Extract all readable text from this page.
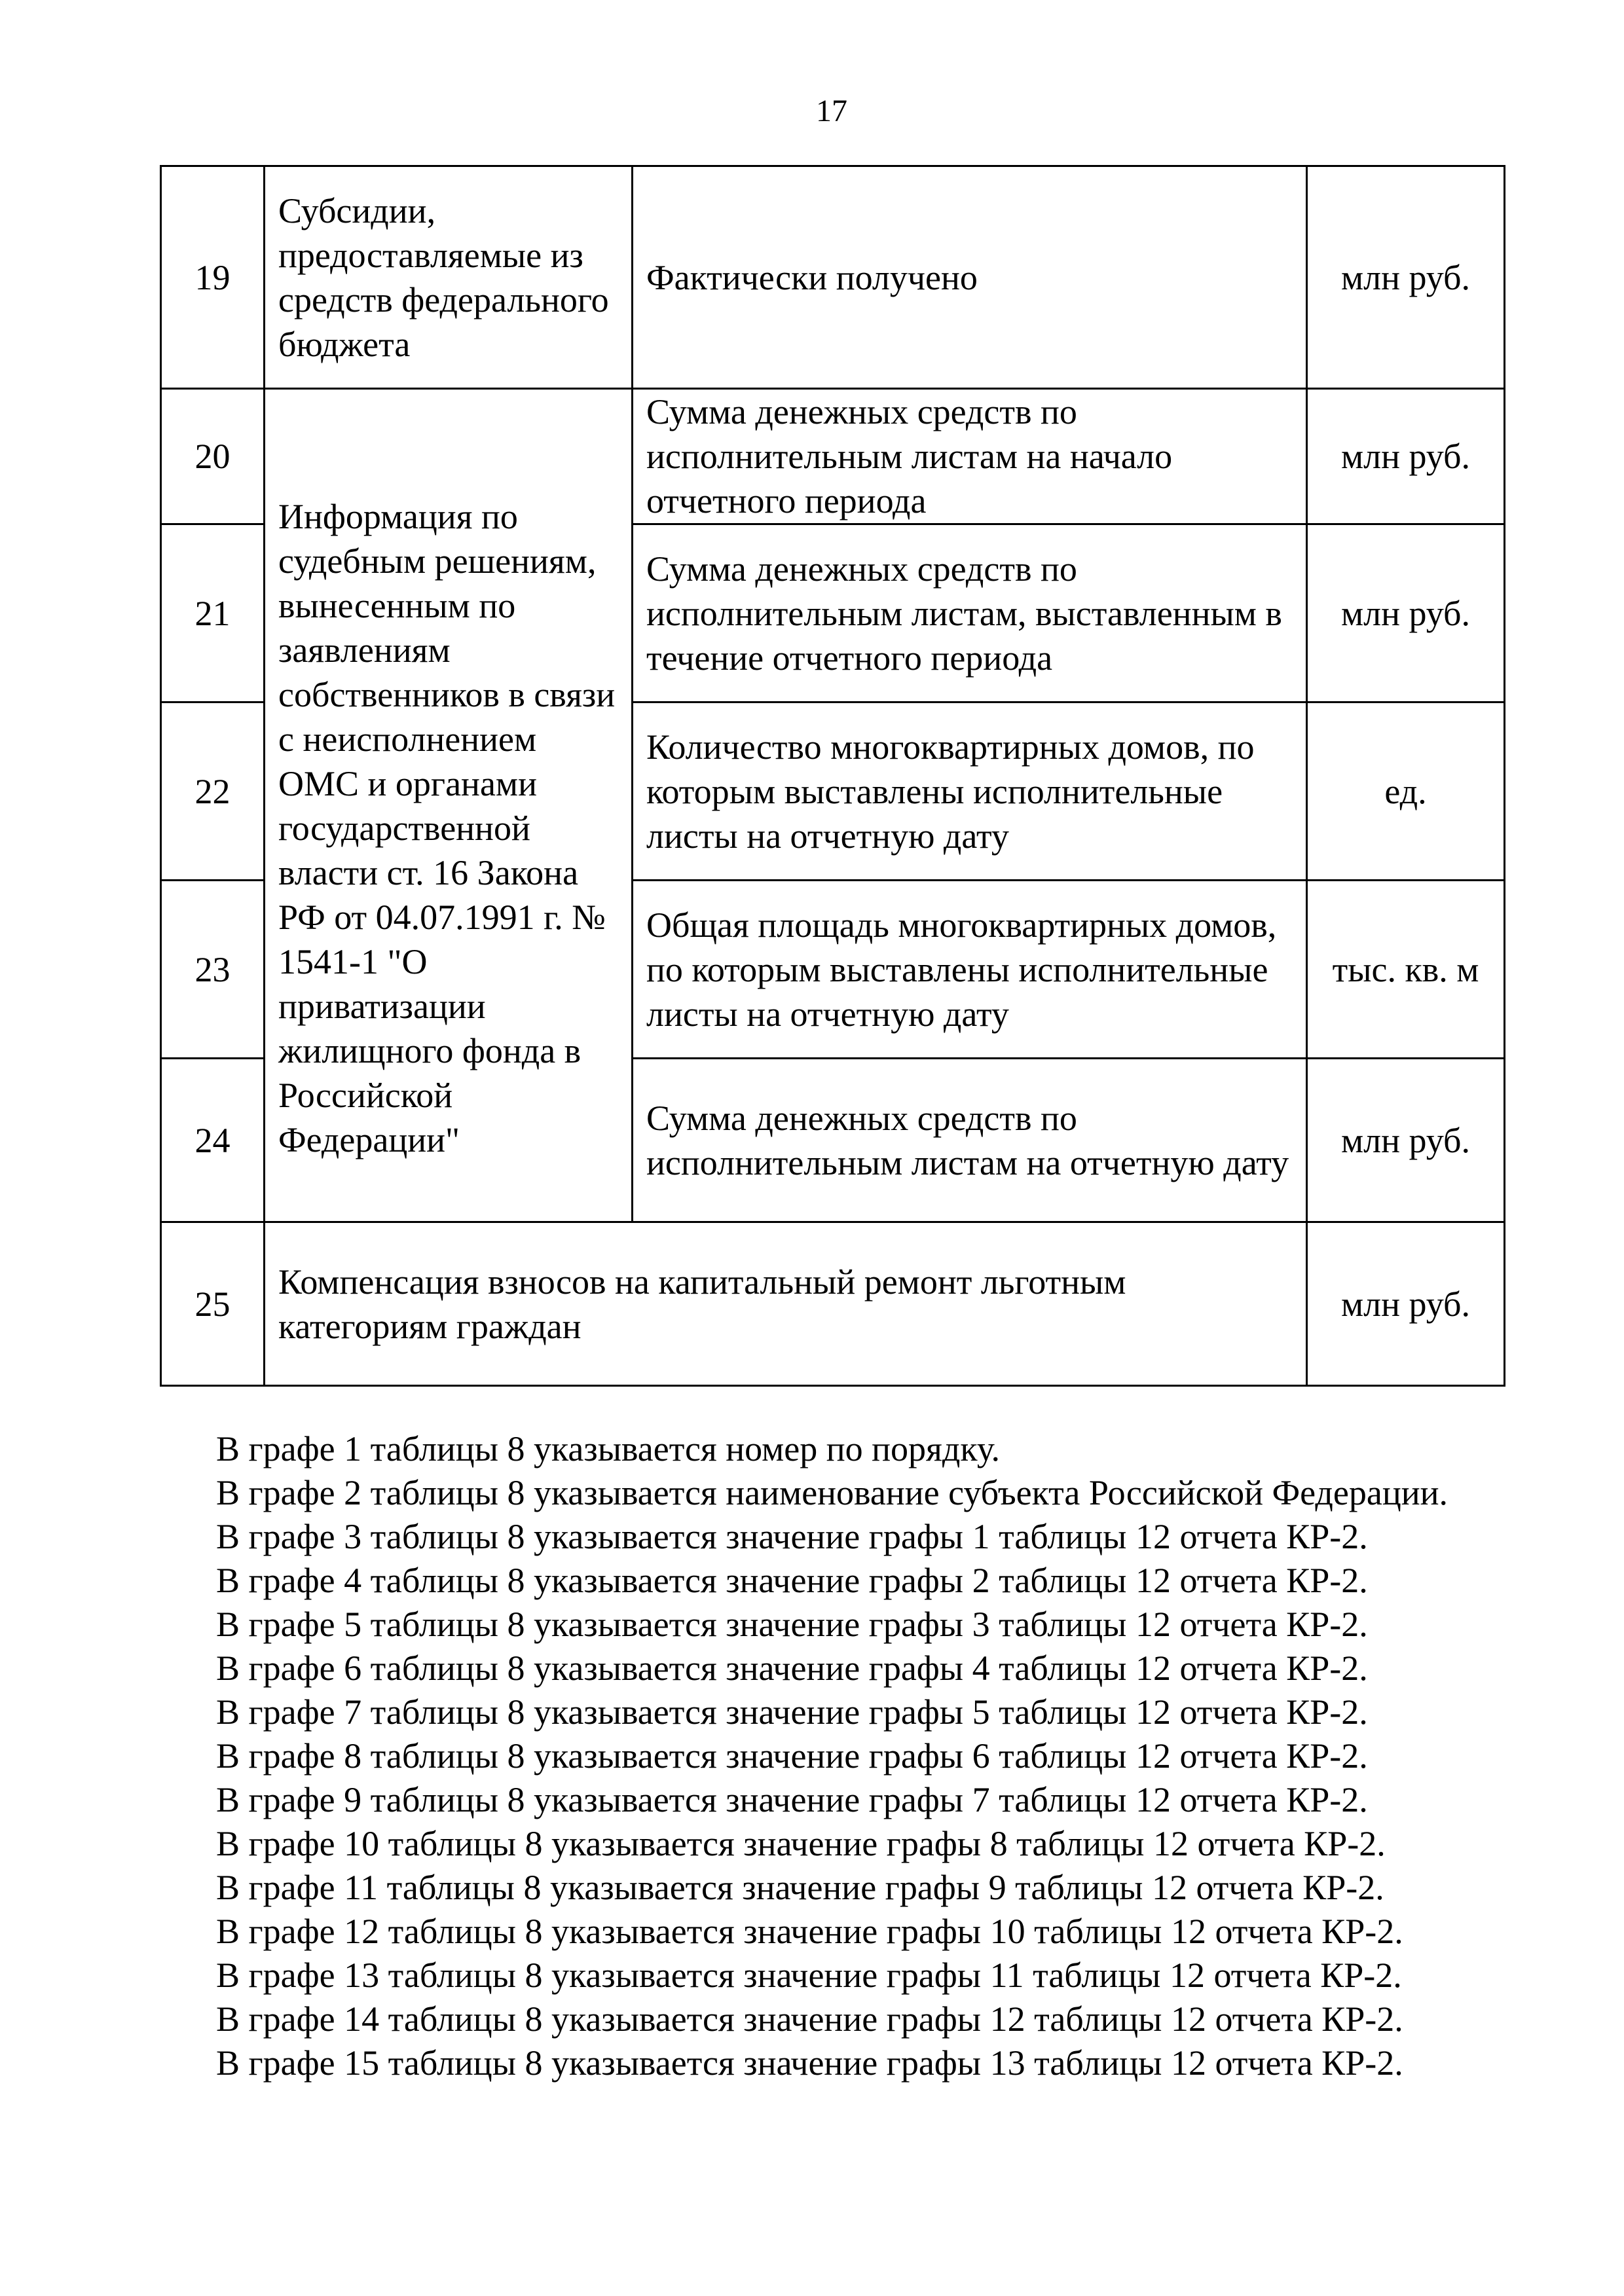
17
19	Субсидии, предоставляемые из средств федерального бюджета	Фактически получено	млн руб.
20	Информация по судебным решениям, вынесенным по заявлениям собственников в связи с неисполнением ОМС и органами государственной власти ст. 16 Закона РФ от 04.07.1991 г. № 1541-1 "О приватизации жилищного фонда в Российской Федерации"	Сумма денежных средств по исполнительным листам на начало отчетного периода	млн руб.
21		Сумма денежных средств по исполнительным листам, выставленным в течение отчетного периода	млн руб.
22		Количество многоквартирных домов, по которым выставлены исполнительные листы на отчетную дату	ед.
23		Общая площадь многоквартирных домов, по которым выставлены исполнительные листы на отчетную дату	тыс. кв. м
24		Сумма денежных средств по исполнительным листам на отчетную дату	млн руб.
25	Компенсация взносов на капитальный ремонт льготным категориям граждан		млн руб.

В графе 1 таблицы 8 указывается номер по порядку.

В графе 2 таблицы 8 указывается наименование субъекта Российской Федерации.

В графе 3 таблицы 8 указывается значение графы 1 таблицы 12 отчета КР-2.

В графе 4 таблицы 8 указывается значение графы 2 таблицы 12 отчета КР-2.

В графе 5 таблицы 8 указывается значение графы 3 таблицы 12 отчета КР-2.

В графе 6 таблицы 8 указывается значение графы 4 таблицы 12 отчета КР-2.

В графе 7 таблицы 8 указывается значение графы 5 таблицы 12 отчета КР-2.

В графе 8 таблицы 8 указывается значение графы 6 таблицы 12 отчета КР-2.

В графе 9 таблицы 8 указывается значение графы 7 таблицы 12 отчета КР-2.

В графе 10 таблицы 8 указывается значение графы 8 таблицы 12 отчета КР-2.

В графе 11 таблицы 8 указывается значение графы 9 таблицы 12 отчета КР-2.

В графе 12 таблицы 8 указывается значение графы 10 таблицы 12 отчета КР-2.

В графе 13 таблицы 8 указывается значение графы 11 таблицы 12 отчета КР-2.

В графе 14 таблицы 8 указывается значение графы 12 таблицы 12 отчета КР-2.

В графе 15 таблицы 8 указывается значение графы 13 таблицы 12 отчета КР-2.
